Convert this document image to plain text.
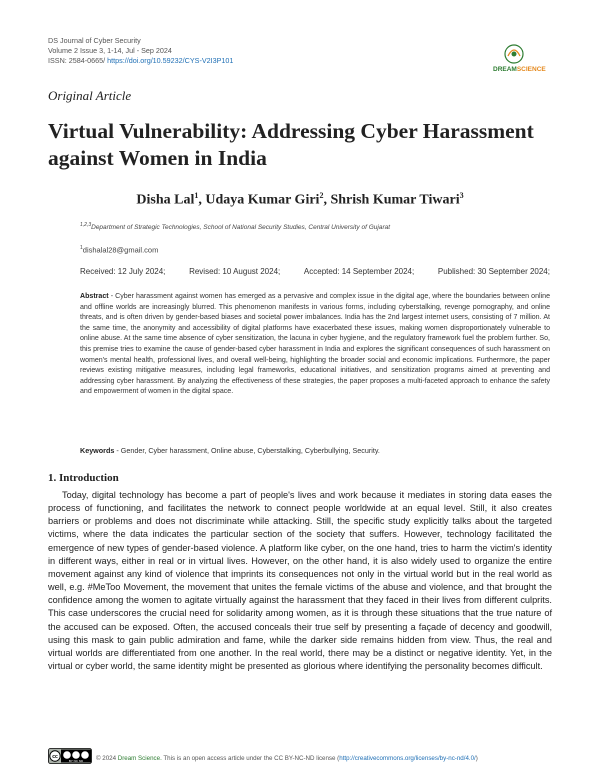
DS Journal of Cyber Security
Volume 2 Issue 3, 1-14, Jul - Sep 2024
ISSN: 2584-0665/ https://doi.org/10.59232/CYS-V2I3P101
DREAMSCIENCE
Original Article
Virtual Vulnerability: Addressing Cyber Harassment against Women in India
Disha Lal$^1$, Udaya Kumar Giri$^2$, Shrish Kumar Tiwari$^3$
$^{1,2,3}$Department of Strategic Technologies, School of National Security Studies, Central University of Gujarat
$^1$dishalal28@gmail.com
Received: 12 July 2024;	Revised: 10 August 2024;	Accepted: 14 September 2024;	Published: 30 September 2024;
Abstract - Cyber harassment against women has emerged as a pervasive and complex issue in the digital age, where the boundaries between online and offline worlds are increasingly blurred. This phenomenon manifests in various forms, including cyberstalking, revenge pornography, and online threats, and is often driven by gender-based biases and societal power imbalances. India has the 2nd largest internet users, consisting of 7 million. At the same time, the anonymity and accessibility of digital platforms have exacerbated these issues, making women disproportionately vulnerable to online abuse. At the same time absence of cyber sensitization, the lacuna in cyber hygiene, and the regulatory framework fuel the problem further. So, this premise tries to examine the cause of gender-based cyber harassment in India and explores the significant consequences of such harassment on women's mental health, professional lives, and overall well-being, highlighting the broader social and economic implications. Furthermore, the paper reviews existing mitigative measures, including legal frameworks, educational initiatives, and sensitization programs aimed at preventing and addressing cyber harassment. By analyzing the effectiveness of these strategies, the paper proposes a multi-faceted approach to enhance the safety and empowerment of women in the digital space.
Keywords - Gender, Cyber harassment, Online abuse, Cyberstalking, Cyberbullying, Security.
1. Introduction
Today, digital technology has become a part of people's lives and work because it mediates in storing data eases the process of functioning, and facilitates the network to connect people worldwide at an equal level. Still, it also creates barriers or problems and does not discriminate while attacking. Still, the specific study explicitly talks about the targeted victims, where the data indicates the particular section of the society that suffers. However, technology facilitated the emergence of new types of gender-based violence. A platform like cyber, on the one hand, tries to harm the victim's identity in different ways, either in real or in virtual lives. However, on the other hand, it is also widely used to organize the entire movement against any kind of violence that imprints its consequences not only in the virtual world but in the real world as well, e.g. #MeToo Movement, the movement that unites the female victims of the abuse and violence, and that brought the confidence among the women to agitate virtually against the harassment that they faced in their lives from different culprits. This case underscores the crucial need for solidarity among women, as it is through these situations that the true nature of the accused can be exposed. Often, the accused conceals their true self by presenting a façade of decency and goodwill, using this mask to gain public admiration and fame, while the darker side remains hidden from view. Thus, the real and virtual worlds are differentiated from one another. In the real world, there may be a distinct or negative identity. Yet, in the virtual or cyber world, the same identity might be presented as glorious where identifying the personality becomes difficult.
cc
BY NC ND © 2024 Dream Science. This is an open access article under the CC BY-NC-ND license (http://creativecommons.org/licenses/by-nc-nd/4.0/)
